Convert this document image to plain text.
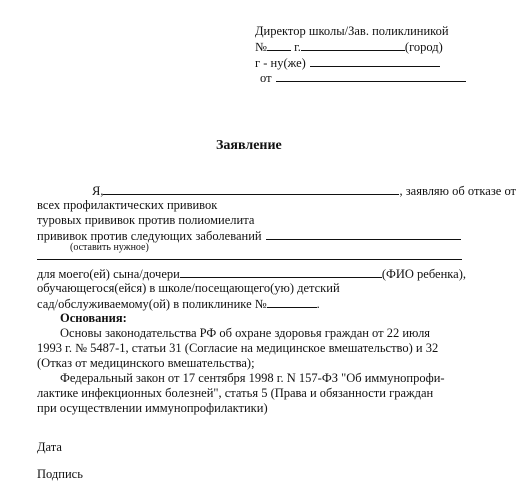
Директор школы/Зав. поликлиникой
№ г.	(город)
г - ну(же)
от
Заявление
Я,	, заявляю об отказе от
всех профилактических прививок
туровых прививок против полиомиелита
прививок против следующих заболеваний
(оставить нужное)
для моего(ей) сына/дочери	(ФИО ребенка),
обучающегося(ейся) в школе/посещающего(ую) детский
сад/обслуживаемому(ой) в поликлинике №	.
Основания:
Основы законодательства РФ об охране здоровья граждан от 22 июля
1993 г. № 5487-1, статьи 31 (Согласие на медицинское вмешательство) и 32
(Отказ от медицинского вмешательства);
Федеральный закон от 17 сентября 1998 г. N 157-ФЗ "Об иммунопрофи-
лактике инфекционных болезней", статья 5 (Права и обязанности граждан
при осуществлении иммунопрофилактики)
Дата
Подпись
